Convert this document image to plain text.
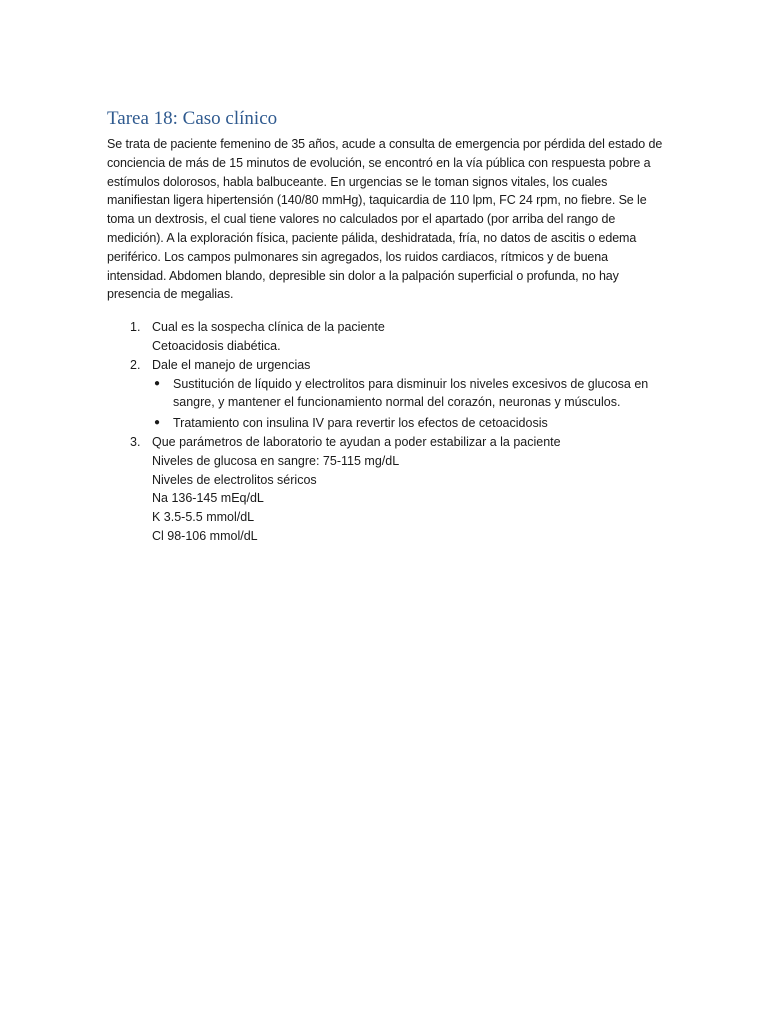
Tarea 18: Caso clínico

Se trata de paciente femenino de 35 años, acude a consulta de emergencia por pérdida del estado de conciencia de más de 15 minutos de evolución, se encontró en la vía pública con respuesta pobre a estímulos dolorosos, habla balbuceante. En urgencias se le toman signos vitales, los cuales manifiestan ligera hipertensión (140/80 mmHg), taquicardia de 110 lpm, FC 24 rpm, no fiebre. Se le toma un dextrosis, el cual tiene valores no calculados por el apartado (por arriba del rango de medición). A la exploración física, paciente pálida, deshidratada, fría, no datos de ascitis o edema periférico. Los campos pulmonares sin agregados, los ruidos cardiacos, rítmicos y de buena intensidad. Abdomen blando, depresible sin dolor a la palpación superficial o profunda, no hay presencia de megalias.

1. Cual es la sospecha clínica de la paciente
Cetoacidosis diabética.
2. Dale el manejo de urgencias
● Sustitución de líquido y electrolitos para disminuir los niveles excesivos de glucosa en sangre, y mantener el funcionamiento normal del corazón, neuronas y músculos.
● Tratamiento con insulina IV para revertir los efectos de cetoacidosis
3. Que parámetros de laboratorio te ayudan a poder estabilizar a la paciente
Niveles de glucosa en sangre: 75-115 mg/dL
Niveles de electrolitos séricos
Na 136-145 mEq/dL
K 3.5-5.5 mmol/dL
Cl 98-106 mmol/dL
